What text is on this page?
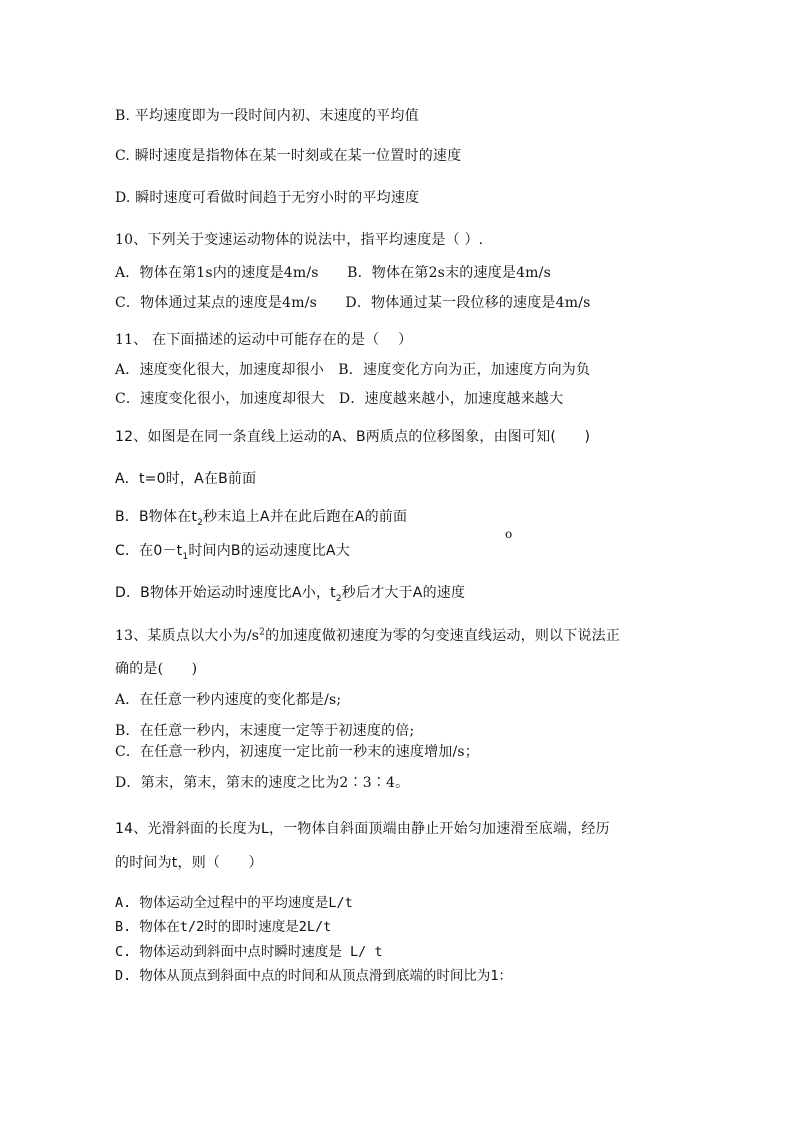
B. 平均速度即为一段时间内初、末速度的平均值
C. 瞬时速度是指物体在某一时刻或在某一位置时的速度
D. 瞬时速度可看做时间趋于无穷小时的平均速度
10、下列关于变速运动物体的说法中，指平均速度是（ ）.
A．物体在第1s内的速度是4m/s　　B．物体在第2s末的速度是4m/s
C．物体通过某点的速度是4m/s　　D．物体通过某一段位移的速度是4m/s
11、 在下面描述的运动中可能存在的是（　 ）
A．速度变化很大，加速度却很小　B．速度变化方向为正，加速度方向为负
C．速度变化很小，加速度却很大　D．速度越来越小，加速度越来越大
12、如图是在同一条直线上运动的A、B两质点的位移图象，由图可知(　　)
A．t=0时，A在B前面
B．B物体在$t_2$秒末追上A并在此后跑在A的前面
o
C．在$0-t_1$时间内B的运动速度比A大
D．B物体开始运动时速度比A小，$t_2$秒后才大于A的速度
13、某质点以大小为$/s^2$的加速度做初速度为零的匀变速直线运动，则以下说法正
确的是(　　)
A．在任意一秒内速度的变化都是/s;
B．在任意一秒内，末速度一定等于初速度的倍;
C．在任意一秒内，初速度一定比前一秒末的速度增加/s；
D．第末，第末，第末的速度之比为2∶3∶4。
14、光滑斜面的长度为L，一物体自斜面顶端由静止开始匀加速滑至底端，经历
的时间为t，则（　　）
A. 物体运动全过程中的平均速度是L/t
B. 物体在t/2时的即时速度是2L/t
C. 物体运动到斜面中点时瞬时速度是 L/ t
D. 物体从顶点到斜面中点的时间和从顶点滑到底端的时间比为1：
